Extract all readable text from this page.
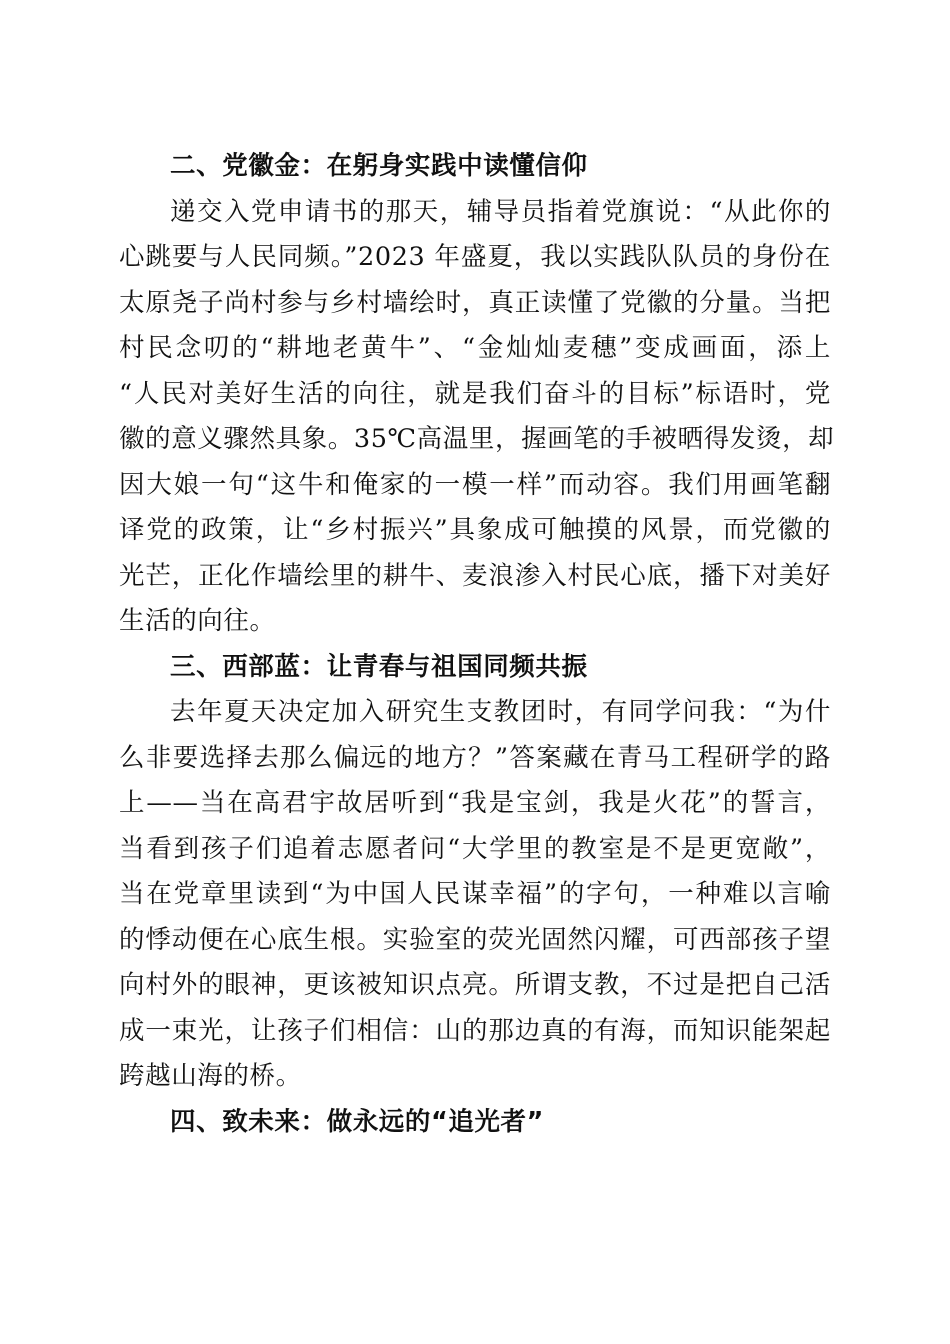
二、党徽金：在躬身实践中读懂信仰
递交入党申请书的那天，辅导员指着党旗说：“从此你的
心跳要与人民同频。”2023 年盛夏，我以实践队队员的身份在
太原尧子尚村参与乡村墙绘时，真正读懂了党徽的分量。当把
村民念叨的“耕地老黄牛”、“金灿灿麦穗”变成画面，添上
“人民对美好生活的向往，就是我们奋斗的目标”标语时，党
徽的意义骤然具象。35℃高温里，握画笔的手被晒得发烫，却
因大娘一句“这牛和俺家的一模一样”而动容。我们用画笔翻
译党的政策，让“乡村振兴”具象成可触摸的风景，而党徽的
光芒，正化作墙绘里的耕牛、麦浪渗入村民心底，播下对美好
生活的向往。
三、西部蓝：让青春与祖国同频共振
去年夏天决定加入研究生支教团时，有同学问我：“为什
么非要选择去那么偏远的地方？”答案藏在青马工程研学的路
上——当在高君宇故居听到“我是宝剑，我是火花”的誓言，
当看到孩子们追着志愿者问“大学里的教室是不是更宽敞”，
当在党章里读到“为中国人民谋幸福”的字句，一种难以言喻
的悸动便在心底生根。实验室的荧光固然闪耀，可西部孩子望
向村外的眼神，更该被知识点亮。所谓支教，不过是把自己活
成一束光，让孩子们相信：山的那边真的有海，而知识能架起
跨越山海的桥。
四、致未来：做永远的“追光者”
